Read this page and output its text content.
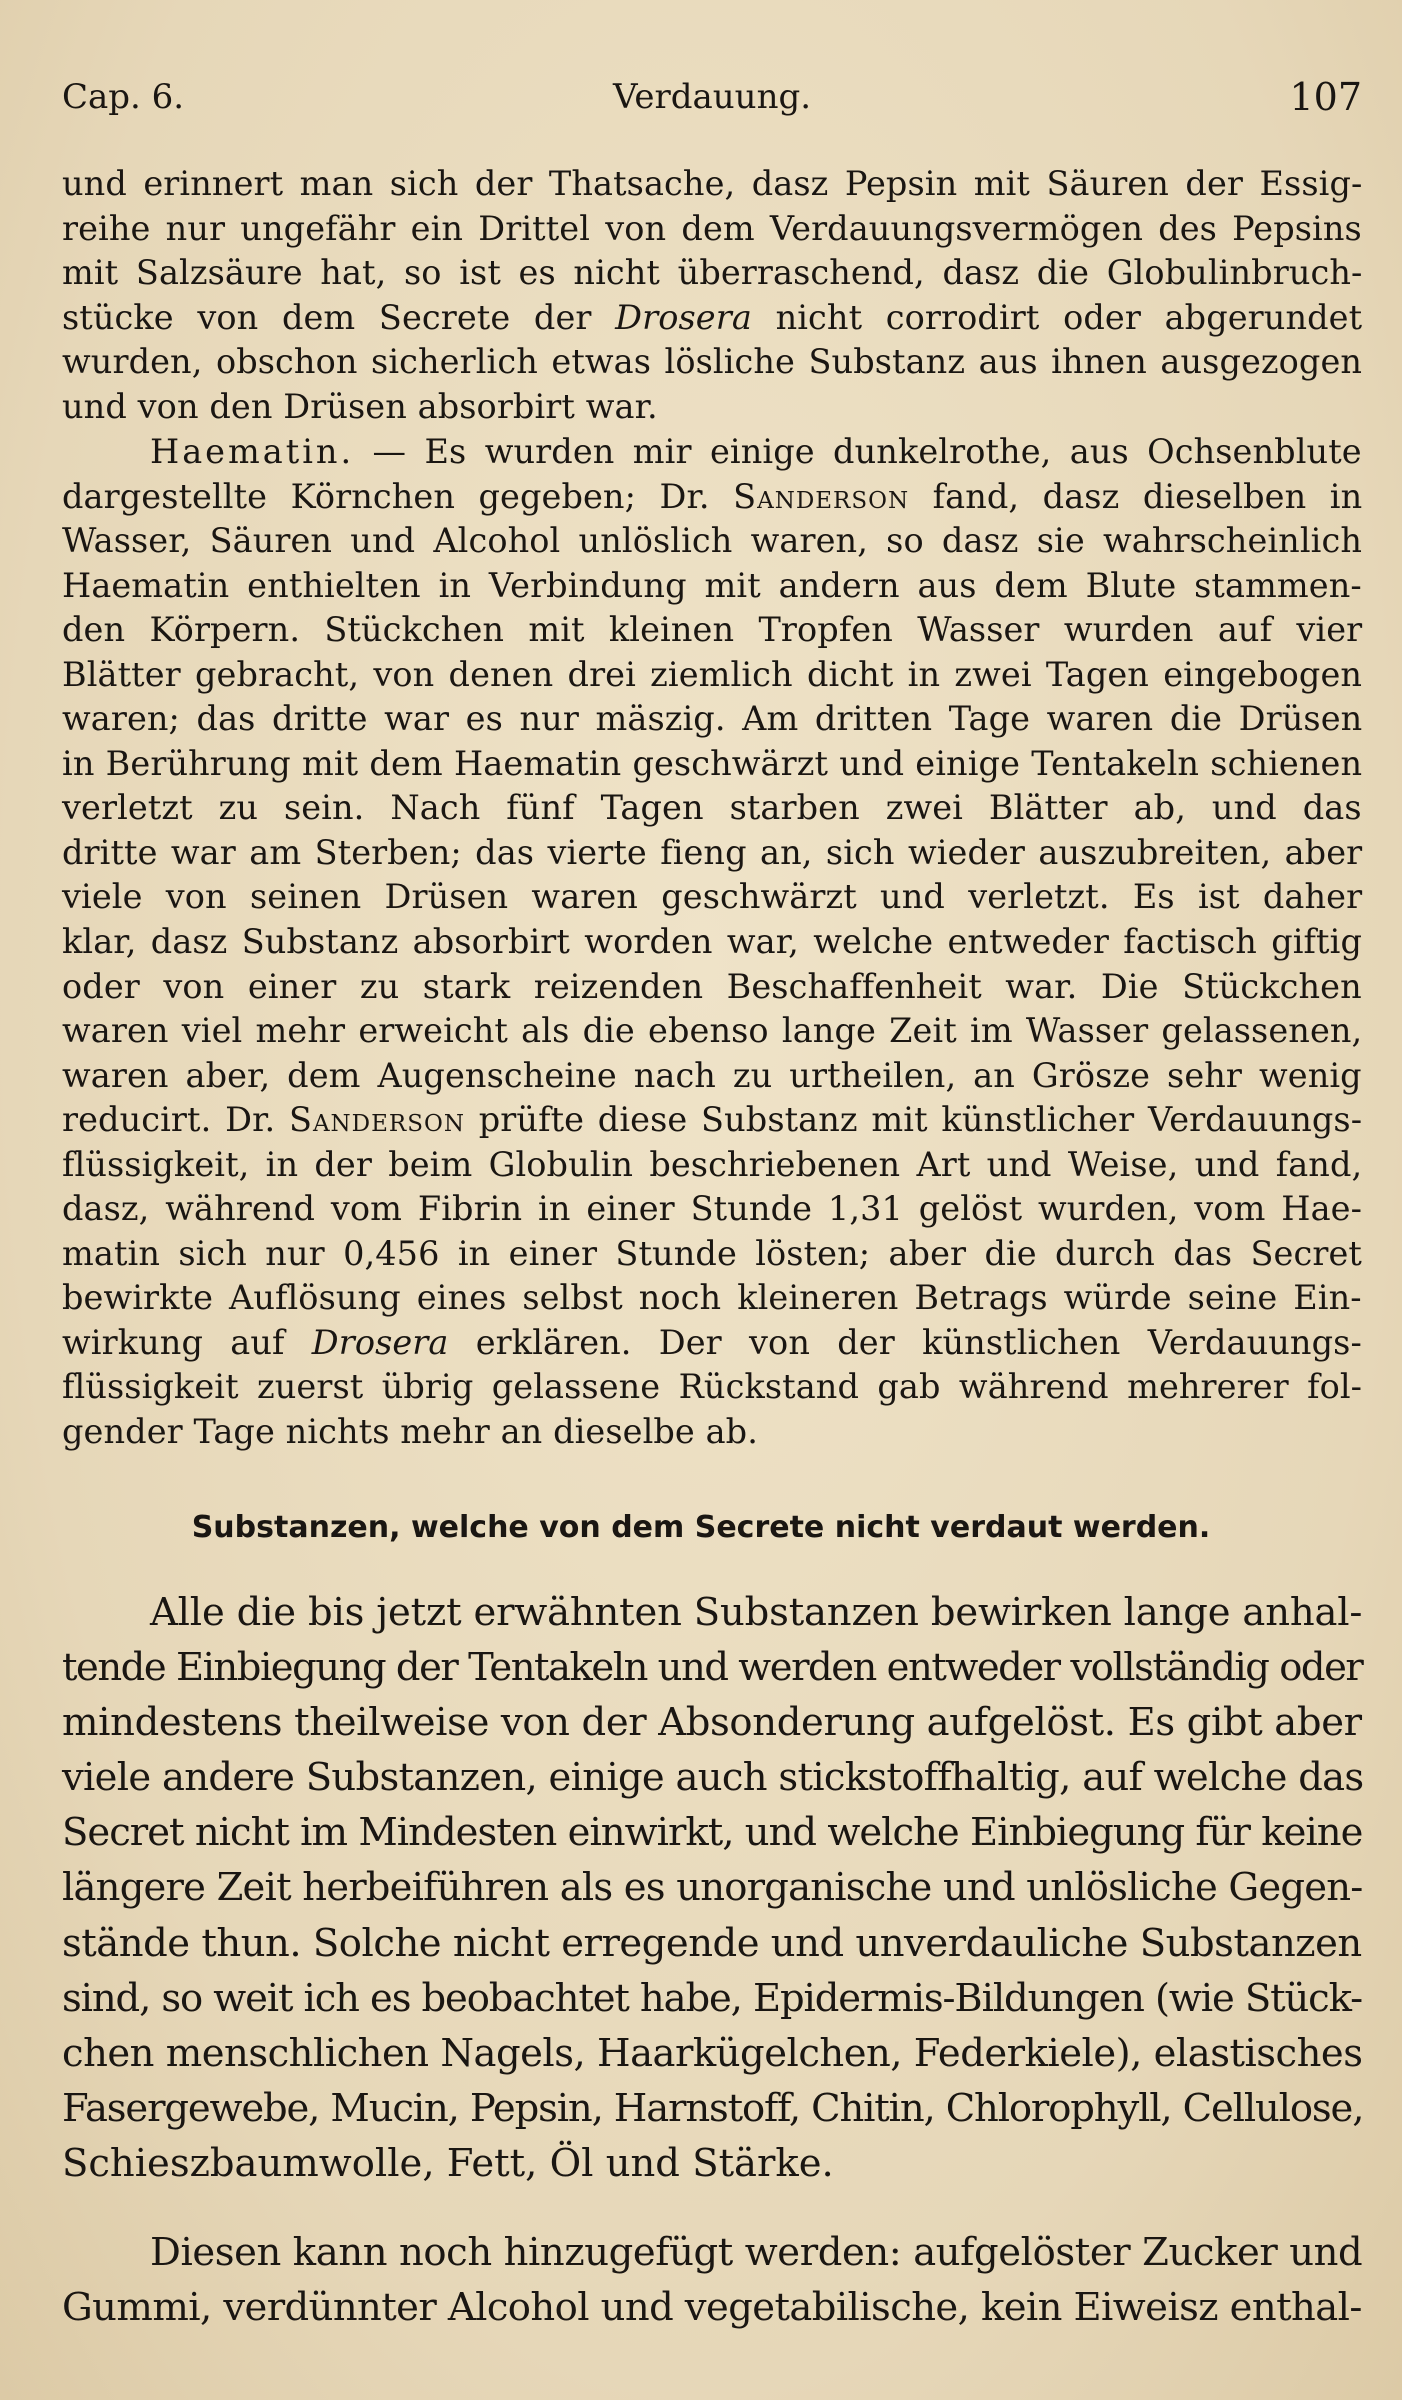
Cap. 6.	Verdauung.	107
und erinnert man sich der Thatsache, dasz Pepsin mit Säuren der Essig-
reihe nur ungefähr ein Drittel von dem Verdauungsvermögen des Pepsins
mit Salzsäure hat, so ist es nicht überraschend, dasz die Globulinbruch-
stücke von dem Secrete der Drosera nicht corrodirt oder abgerundet
wurden, obschon sicherlich etwas lösliche Substanz aus ihnen ausgezogen
und von den Drüsen absorbirt war.
Haematin. — Es wurden mir einige dunkelrothe, aus Ochsenblute
dargestellte Körnchen gegeben; Dr. Sanderson fand, dasz dieselben in
Wasser, Säuren und Alcohol unlöslich waren, so dasz sie wahrscheinlich
Haematin enthielten in Verbindung mit andern aus dem Blute stammen-
den Körpern. Stückchen mit kleinen Tropfen Wasser wurden auf vier
Blätter gebracht, von denen drei ziemlich dicht in zwei Tagen eingebogen
waren; das dritte war es nur mäszig. Am dritten Tage waren die Drüsen
in Berührung mit dem Haematin geschwärzt und einige Tentakeln schienen
verletzt zu sein. Nach fünf Tagen starben zwei Blätter ab, und das
dritte war am Sterben; das vierte fieng an, sich wieder auszubreiten, aber
viele von seinen Drüsen waren geschwärzt und verletzt. Es ist daher
klar, dasz Substanz absorbirt worden war, welche entweder factisch giftig
oder von einer zu stark reizenden Beschaffenheit war. Die Stückchen
waren viel mehr erweicht als die ebenso lange Zeit im Wasser gelassenen,
waren aber, dem Augenscheine nach zu urtheilen, an Grösze sehr wenig
reducirt. Dr. Sanderson prüfte diese Substanz mit künstlicher Verdauungs-
flüssigkeit, in der beim Globulin beschriebenen Art und Weise, und fand,
dasz, während vom Fibrin in einer Stunde 1,31 gelöst wurden, vom Hae-
matin sich nur 0,456 in einer Stunde lösten; aber die durch das Secret
bewirkte Auflösung eines selbst noch kleineren Betrags würde seine Ein-
wirkung auf Drosera erklären. Der von der künstlichen Verdauungs-
flüssigkeit zuerst übrig gelassene Rückstand gab während mehrerer fol-
gender Tage nichts mehr an dieselbe ab.
Substanzen, welche von dem Secrete nicht verdaut werden.
Alle die bis jetzt erwähnten Substanzen bewirken lange anhal-
tende Einbiegung der Tentakeln und werden entweder vollständig oder
mindestens theilweise von der Absonderung aufgelöst. Es gibt aber
viele andere Substanzen, einige auch stickstoffhaltig, auf welche das
Secret nicht im Mindesten einwirkt, und welche Einbiegung für keine
längere Zeit herbeiführen als es unorganische und unlösliche Gegen-
stände thun. Solche nicht erregende und unverdauliche Substanzen
sind, so weit ich es beobachtet habe, Epidermis-Bildungen (wie Stück-
chen menschlichen Nagels, Haarkügelchen, Federkiele), elastisches
Fasergewebe, Mucin, Pepsin, Harnstoff, Chitin, Chlorophyll, Cellulose,
Schieszbaumwolle, Fett, Öl und Stärke.
Diesen kann noch hinzugefügt werden: aufgelöster Zucker und
Gummi, verdünnter Alcohol und vegetabilische, kein Eiweisz enthal-
